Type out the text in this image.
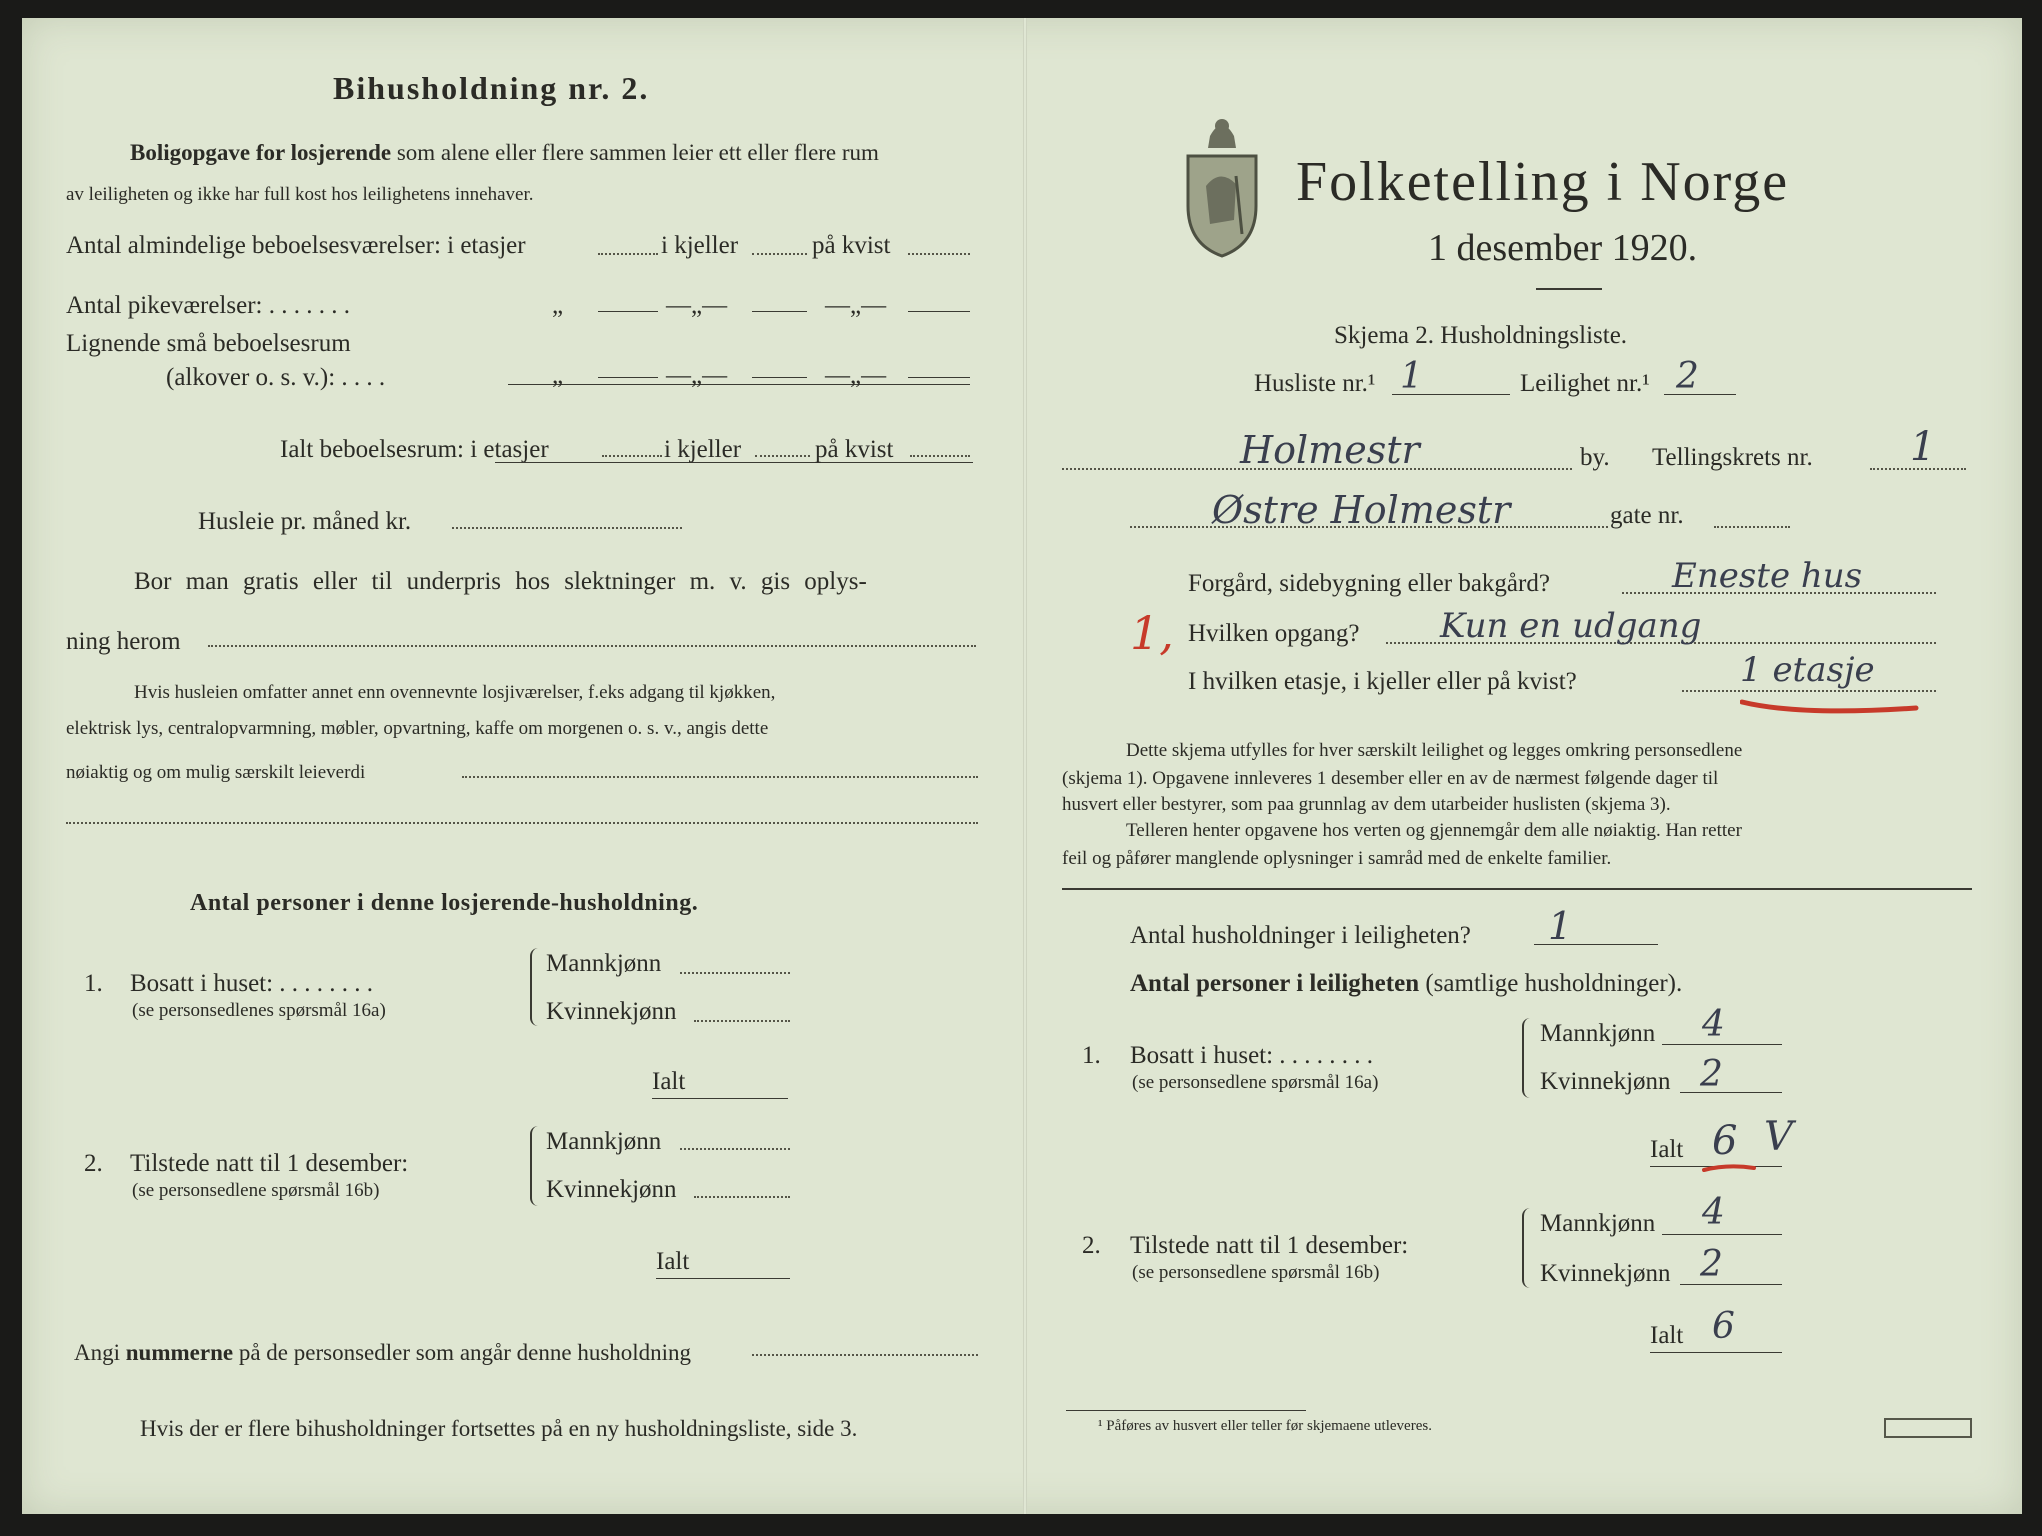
Bihusholdning nr. 2.
Boligopgave for losjerende som alene eller flere sammen leier ett eller flere rum
av leiligheten og ikke har full kost hos leilighetens innehaver.
Antal almindelige beboelsesværelser: i etasjer	i kjeller	på kvist
Antal pikeværelser: . . . . . . .	„	—„—	—„—
Lignende små beboelsesrum
(alkover o. s. v.): . . . .	„	—„—	—„—
Ialt beboelsesrum: i etasjer	i kjeller	på kvist
Husleie pr. måned kr.
Bor man gratis eller til underpris hos slektninger m. v. gis oplys-
ning herom
Hvis husleien omfatter annet enn ovennevnte losjiværelser, f.eks adgang til kjøkken,
elektrisk lys, centralopvarmning, møbler, opvartning, kaffe om morgenen o. s. v., angis dette
nøiaktig og om mulig særskilt leieverdi
Antal personer i denne losjerende-husholdning.
1. Bosatt i huset: . . . . . . . .
(se personsedlenes spørsmål 16a)
Mannkjønn
Kvinnekjønn
Ialt
2. Tilstede natt til 1 desember:
(se personsedlene spørsmål 16b)
Mannkjønn
Kvinnekjønn
Ialt
Angi nummerne på de personsedler som angår denne husholdning
Hvis der er flere bihusholdninger fortsettes på en ny husholdningsliste, side 3.
Folketelling i Norge
1 desember 1920.
Skjema 2. Husholdningsliste.
Husliste nr.¹ 1	Leilighet nr.¹ 2
Holmestr	by. Tellingskrets nr. 1
Østre Holmestr	gate nr.
Forgård, sidebygning eller bakgård?	Eneste hus
1, Hvilken opgang? Kun en udgang
I hvilken etasje, i kjeller eller på kvist?	1 etasje
Dette skjema utfylles for hver særskilt leilighet og legges omkring personsedlene
(skjema 1). Opgavene innleveres 1 desember eller en av de nærmest følgende dager til
husvert eller bestyrer, som paa grunnlag av dem utarbeider huslisten (skjema 3).
Telleren henter opgavene hos verten og gjennemgår dem alle nøiaktig. Han retter
feil og påfører manglende oplysninger i samråd med de enkelte familier.
Antal husholdninger i leiligheten? 1
Antal personer i leiligheten (samtlige husholdninger).
1. Bosatt i huset: . . . . . . . .
(se personsedlene spørsmål 16a)
Mannkjønn 4
Kvinnekjønn 2
Ialt 6 V
2. Tilstede natt til 1 desember:
(se personsedlene spørsmål 16b)
Mannkjønn 4
Kvinnekjønn 2
Ialt 6
¹ Påføres av husvert eller teller før skjemaene utleveres.
